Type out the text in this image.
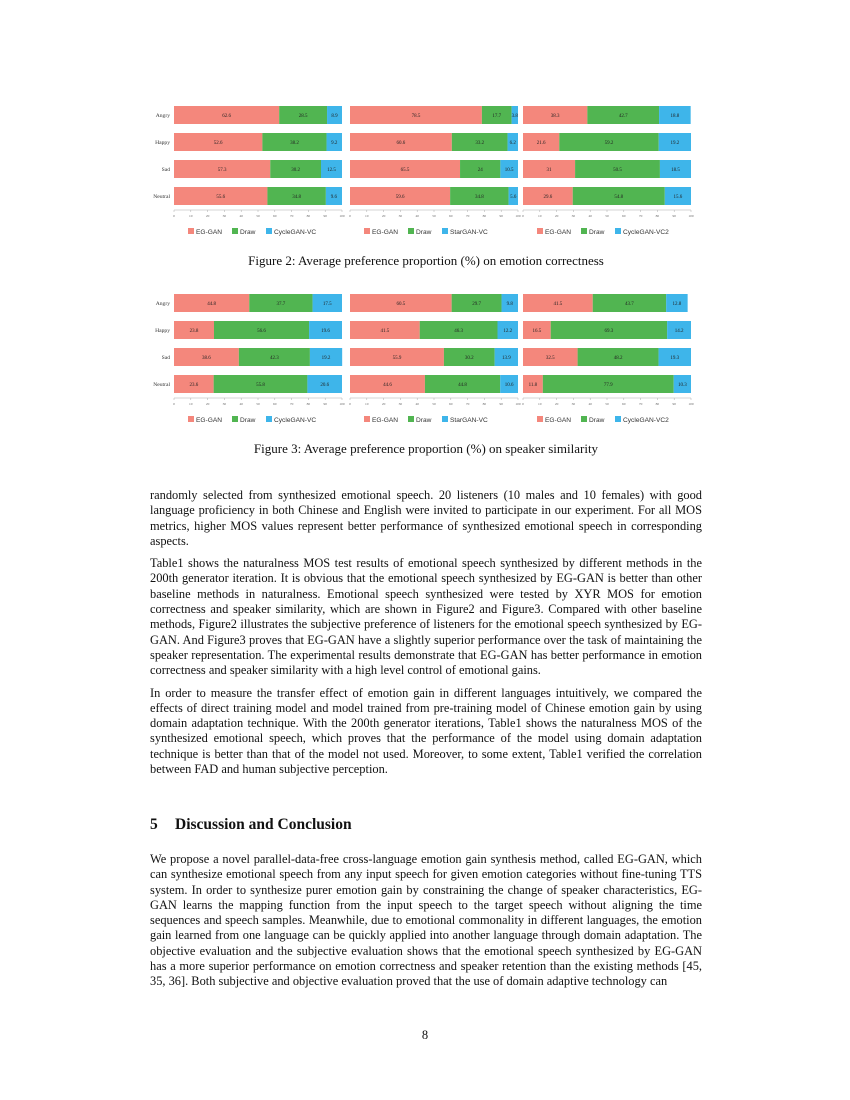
Angry
Happy
Sad
Neutral
62.6	28.5	8.9
52.6	38.2	9.2
57.3	30.2	12.5
55.6	34.8	9.6
0	10	20	30	40	50	60	70	80	90	100
EG-GAN	Draw	CycleGAN-VC
78.5	17.7 3.8
60.6	33.2	6.2
65.5	24	10.5
59.6	34.8	5.6
0	10	20	30	40	50	60	70	80	90	100
EG-GAN	Draw	StarGAN-VC
38.3	42.7	18.8
21.6	59.2	19.2
31	50.5	18.5
29.6	54.8	15.6
0	10	20	30	40	50	60	70	80	90	100
EG-GAN	Draw	CycleGAN-VC2
Figure 2: Average preference proportion (%) on emotion correctness
Angry
Happy
Sad
Neutral
44.8	37.7	17.5
23.8	56.6	19.6
38.6	42.3	19.2
23.6	55.8	20.6
0	10	20	30	40	50	60	70	80	90	100
EG-GAN	Draw	CycleGAN-VC
60.5	29.7	9.8
41.5	46.3	12.2
55.9	30.2	13.9
44.6	44.8	10.6
0	10	20	30	40	50	60	70	80	90	100
EG-GAN	Draw	StarGAN-VC
41.5	43.7	12.8
16.5	69.3	14.2
32.5	48.2	19.3
11.8	77.9	10.3
0	10	20	30	40	50	60	70	80	90	100
EG-GAN	Draw	CycleGAN-VC2
Figure 3: Average preference proportion (%) on speaker similarity

randomly selected from synthesized emotional speech. 20 listeners (10 males and 10 females) with good language proficiency in both Chinese and English were invited to participate in our experiment. For all MOS metrics, higher MOS values represent better performance of synthesized emotional speech in corresponding aspects.

Table1 shows the naturalness MOS test results of emotional speech synthesized by different methods in the 200th generator iteration. It is obvious that the emotional speech synthesized by EG-GAN is better than other baseline methods in naturalness. Emotional speech synthesized were tested by XYR MOS for emotion correctness and speaker similarity, which are shown in Figure2 and Figure3. Compared with other baseline methods, Figure2 illustrates the subjective preference of listeners for the emotional speech synthesized by EG-GAN. And Figure3 proves that EG-GAN have a slightly superior performance over the task of maintaining the speaker representation. The experimental results demonstrate that EG-GAN has better performance in emotion correctness and speaker similarity with a high level control of emotional gains.

In order to measure the transfer effect of emotion gain in different languages intuitively, we compared the effects of direct training model and model trained from pre-training model of Chinese emotion gain by using domain adaptation technique. With the 200th generator iterations, Table1 shows the naturalness MOS of the synthesized emotional speech, which proves that the performance of the model using domain adaptation technique is better than that of the model not used. Moreover, to some extent, Table1 verified the correlation between FAD and human subjective perception.

5 Discussion and Conclusion

We propose a novel parallel-data-free cross-language emotion gain synthesis method, called EG-GAN, which can synthesize emotional speech from any input speech for given emotion categories without fine-tuning TTS system. In order to synthesize purer emotion gain by constraining the change of speaker characteristics, EG-GAN learns the mapping function from the input speech to the target speech without aligning the time sequences and speech samples. Meanwhile, due to emotional commonality in different languages, the emotion gain learned from one language can be quickly applied into another language through domain adaptation. The objective evaluation and the subjective evaluation shows that the emotional speech synthesized by EG-GAN has a more superior performance on emotion correctness and speaker retention than the existing methods [45, 35, 36]. Both subjective and objective evaluation proved that the use of domain adaptive technology can

8
